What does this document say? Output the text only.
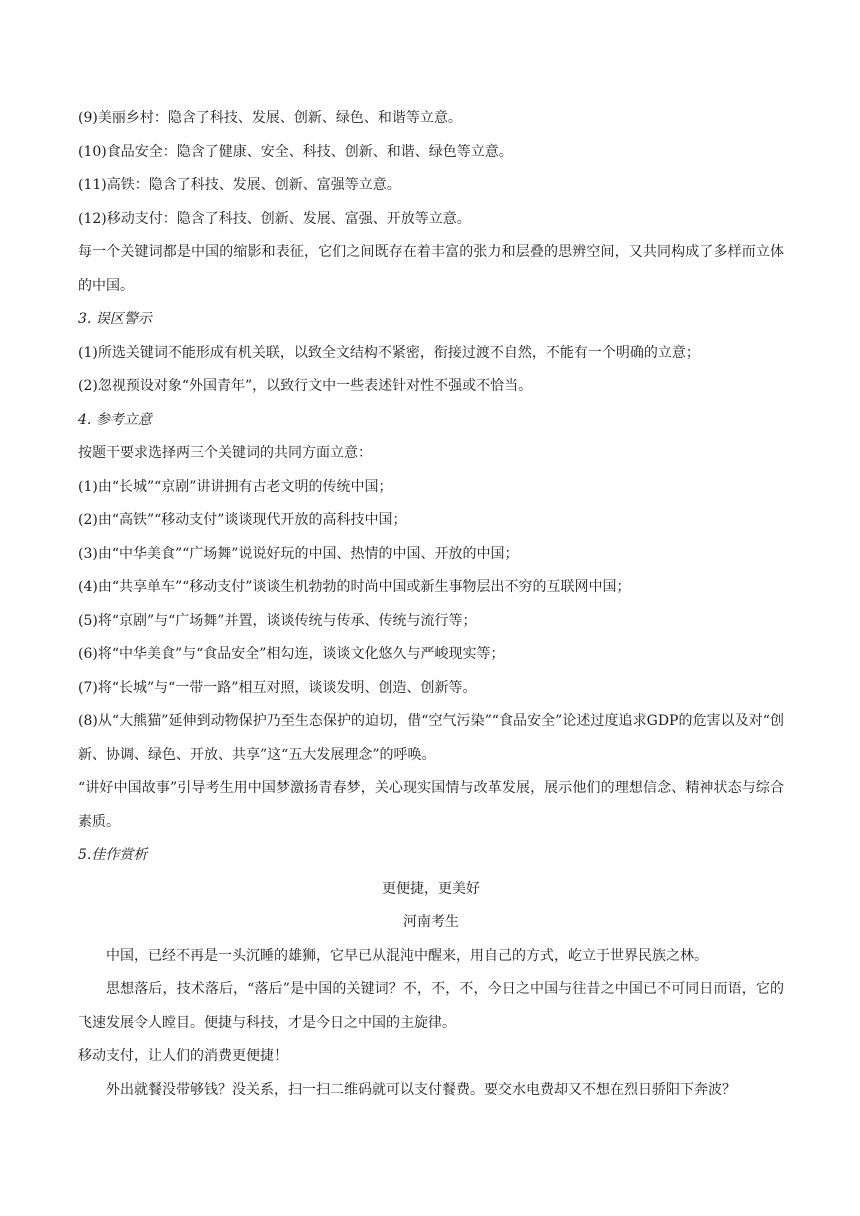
(9)美丽乡村：隐含了科技、发展、创新、绿色、和谐等立意。

(10)食品安全：隐含了健康、安全、科技、创新、和谐、绿色等立意。

(11)高铁：隐含了科技、发展、创新、富强等立意。

(12)移动支付：隐含了科技、创新、发展、富强、开放等立意。

每一个关键词都是中国的缩影和表征，它们之间既存在着丰富的张力和层叠的思辨空间，又共同构成了多样而立体的中国。

3. 误区警示

(1)所选关键词不能形成有机关联，以致全文结构不紧密，衔接过渡不自然，不能有一个明确的立意；

(2)忽视预设对象“外国青年”，以致行文中一些表述针对性不强或不恰当。

4. 参考立意

按题干要求选择两三个关键词的共同方面立意：

(1)由“长城”“京剧”讲讲拥有古老文明的传统中国；

(2)由“高铁”“移动支付”谈谈现代开放的高科技中国；

(3)由“中华美食”“广场舞”说说好玩的中国、热情的中国、开放的中国；

(4)由“共享单车”“移动支付”谈谈生机勃勃的时尚中国或新生事物层出不穷的互联网中国；

(5)将“京剧”与“广场舞”并置，谈谈传统与传承、传统与流行等；

(6)将“中华美食”与“食品安全”相勾连，谈谈文化悠久与严峻现实等；

(7)将“长城”与“一带一路”相互对照，谈谈发明、创造、创新等。

(8)从“大熊猫”延伸到动物保护乃至生态保护的迫切，借“空气污染”“食品安全”论述过度追求GDP的危害以及对“创新、协调、绿色、开放、共享”这“五大发展理念”的呼唤。

“讲好中国故事”引导考生用中国梦激扬青春梦，关心现实国情与改革发展，展示他们的理想信念、精神状态与综合素质。

5.佳作赏析

更便捷，更美好

河南考生

中国，已经不再是一头沉睡的雄狮，它早已从混沌中醒来，用自己的方式，屹立于世界民族之林。

思想落后，技术落后，“落后”是中国的关键词？不，不，不，今日之中国与往昔之中国已不可同日而语，它的飞速发展令人瞠目。便捷与科技，才是今日之中国的主旋律。

移动支付，让人们的消费更便捷！

外出就餐没带够钱？没关系，扫一扫二维码就可以支付餐费。要交水电费却又不想在烈日骄阳下奔波？
